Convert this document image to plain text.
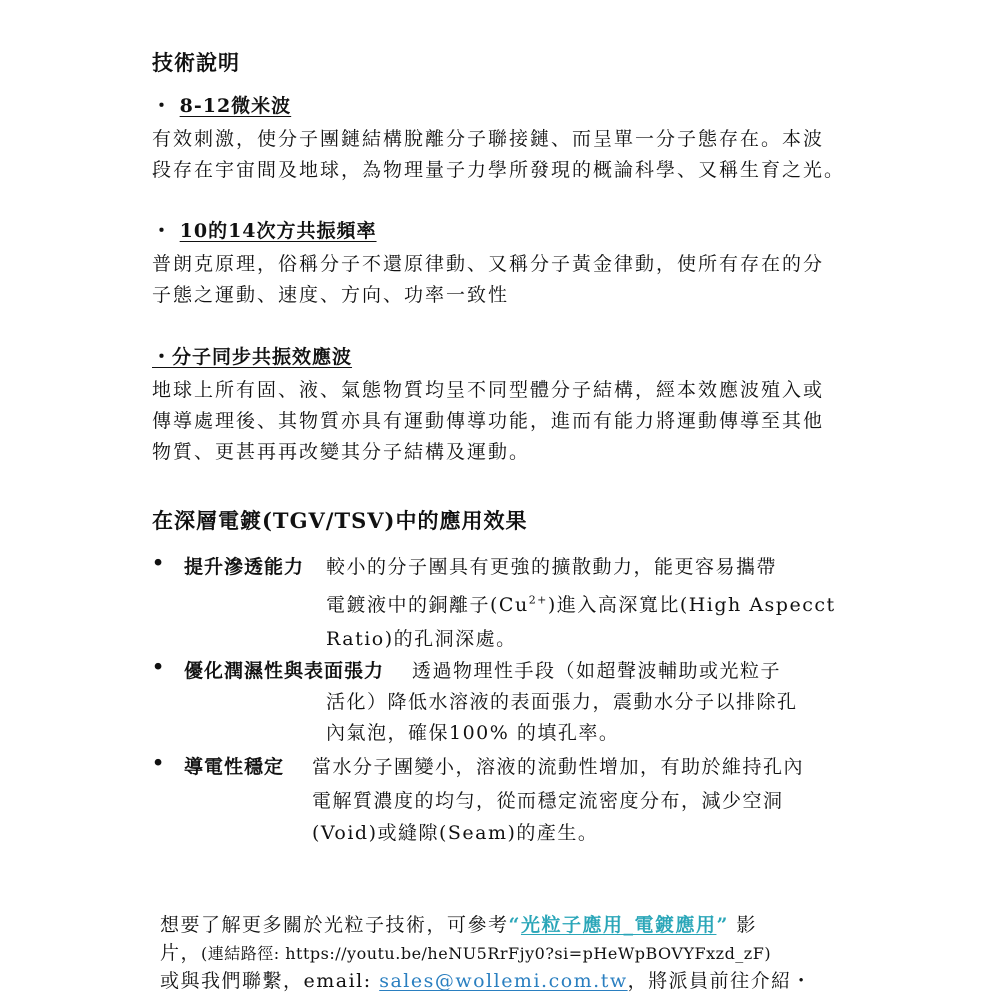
技術說明
・ 8-12微米波
有效刺激，使分子團鏈結構脫離分子聯接鏈、而呈單一分子態存在。本波
段存在宇宙間及地球，為物理量子力學所發現的概論科學、又稱生育之光。
・ 10的14次方共振頻率
普朗克原理，俗稱分子不還原律動、又稱分子黃金律動，使所有存在的分
子態之運動、速度、方向、功率一致性
・分子同步共振效應波
地球上所有固、液、氣態物質均呈不同型體分子結構，經本效應波殖入或
傳導處理後、其物質亦具有運動傳導功能，進而有能力將運動傳導至其他
物質、更甚再再改變其分子結構及運動。
在深層電鍍(TGV/TSV)中的應用效果
• 提升滲透能力 較小的分子團具有更強的擴散動力，能更容易攜帶
電鍍液中的銅離子$(Cu^{2+})$進入高深寬比(High Aspecct
Ratio)的孔洞深處。
• 優化潤濕性與表面張力 透過物理性手段（如超聲波輔助或光粒子
活化）降低水溶液的表面張力，震動水分子以排除孔
內氣泡，確保100% 的填孔率。
• 導電性穩定 當水分子團變小，溶液的流動性增加，有助於維持孔內
電解質濃度的均勻，從而穩定流密度分布，減少空洞
(Void)或縫隙(Seam)的產生。
想要了解更多關於光粒子技術，可參考“光粒子應用_電鍍應用” 影
片，(連結路徑: https://youtu.be/heNU5RrFjy0?si=pHeWpBOVYFxzd_zF)
或與我們聯繫，email: sales@wollemi.com.tw，將派員前往介紹・
